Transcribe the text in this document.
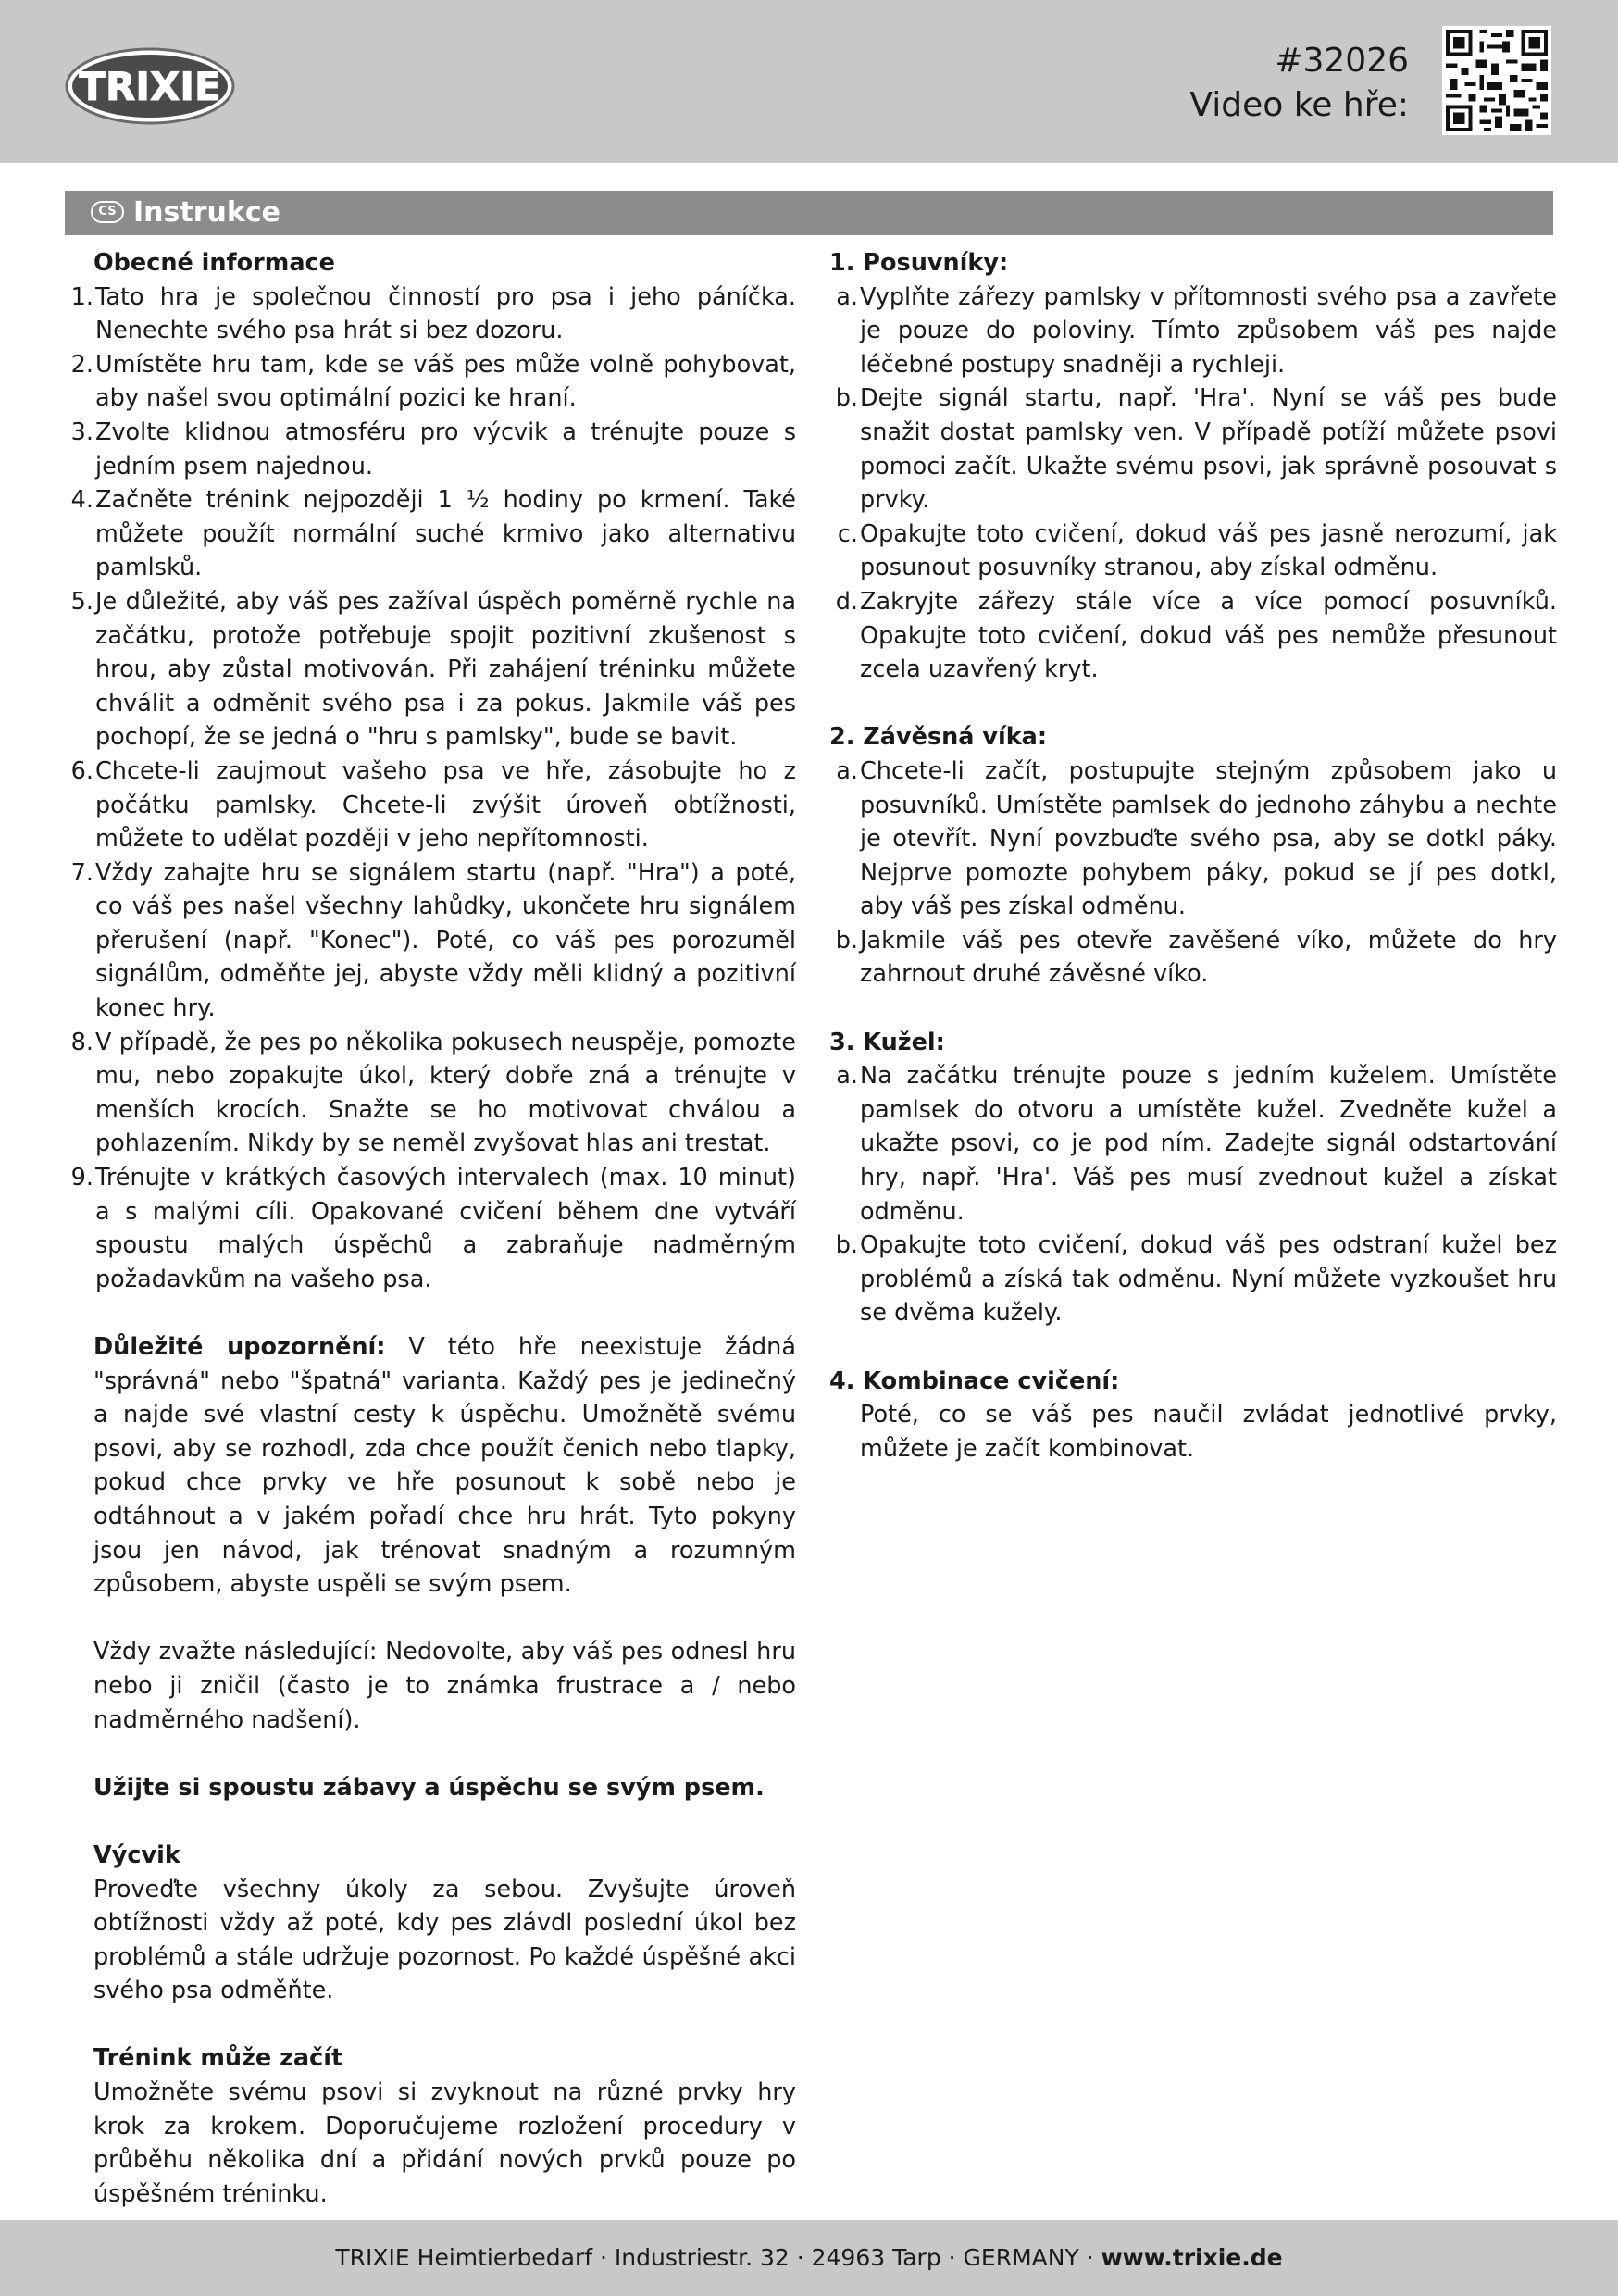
TRIXIE
#32026
Video ke hře:
CS Instrukce
Obecné informace
1. Tato hra je společnou činností pro psa i jeho páníčka. Nenechte svého psa hrát si bez dozoru.
2. Umístěte hru tam, kde se váš pes může volně pohybovat, aby našel svou optimální pozici ke hraní.
3. Zvolte klidnou atmosféru pro výcvik a trénujte pouze s jedním psem najednou.
4. Začněte trénink nejpozději 1 ½ hodiny po krmení. Také můžete použít normální suché krmivo jako alternativu pamlsků.
5. Je důležité, aby váš pes zažíval úspěch poměrně rychle na začátku, protože potřebuje spojit pozitivní zkušenost s hrou, aby zůstal motivován. Při zahájení tréninku můžete chválit a odměnit svého psa i za pokus. Jakmile váš pes pochopí, že se jedná o "hru s pamlsky", bude se bavit.
6. Chcete-li zaujmout vašeho psa ve hře, zásobujte ho z počátku pamlsky. Chcete-li zvýšit úroveň obtížnosti, můžete to udělat později v jeho nepřítomnosti.
7. Vždy zahajte hru se signálem startu (např. "Hra") a poté, co váš pes našel všechny lahůdky, ukončete hru signálem přerušení (např. "Konec"). Poté, co váš pes porozuměl signálům, odměňte jej, abyste vždy měli klidný a pozitivní konec hry.
8. V případě, že pes po několika pokusech neuspěje, pomozte mu, nebo zopakujte úkol, který dobře zná a trénujte v menších krocích. Snažte se ho motivovat chválou a pohlazením. Nikdy by se neměl zvyšovat hlas ani trestat.
9. Trénujte v krátkých časových intervalech (max. 10 minut) a s malými cíli. Opakované cvičení během dne vytváří spoustu malých úspěchů a zabraňuje nadměrným požadavkům na vašeho psa.
Důležité upozornění: V této hře neexistuje žádná "správná" nebo "špatná" varianta. Každý pes je jedinečný a najde své vlastní cesty k úspěchu. Umožnětě svému psovi, aby se rozhodl, zda chce použít čenich nebo tlapky, pokud chce prvky ve hře posunout k sobě nebo je odtáhnout a v jakém pořadí chce hru hrát. Tyto pokyny jsou jen návod, jak trénovat snadným a rozumným způsobem, abyste uspěli se svým psem.
Vždy zvažte následující: Nedovolte, aby váš pes odnesl hru nebo ji zničil (často je to známka frustrace a / nebo nadměrného nadšení).
Užijte si spoustu zábavy a úspěchu se svým psem.
Výcvik
Proveďte všechny úkoly za sebou. Zvyšujte úroveň obtížnosti vždy až poté, kdy pes zlávdl poslední úkol bez problémů a stále udržuje pozornost. Po každé úspěšné akci svého psa odměňte.
Trénink může začít
Umožněte svému psovi si zvyknout na různé prvky hry krok za krokem. Doporučujeme rozložení procedury v průběhu několika dní a přidání nových prvků pouze po úspěšném tréninku.
1. Posuvníky:
a. Vyplňte zářezy pamlsky v přítomnosti svého psa a zavřete je pouze do poloviny. Tímto způsobem váš pes najde léčebné postupy snadněji a rychleji.
b. Dejte signál startu, např. 'Hra'. Nyní se váš pes bude snažit dostat pamlsky ven. V případě potíží můžete psovi pomoci začít. Ukažte svému psovi, jak správně posouvat s prvky.
c. Opakujte toto cvičení, dokud váš pes jasně nerozumí, jak posunout posuvníky stranou, aby získal odměnu.
d. Zakryjte zářezy stále více a více pomocí posuvníků. Opakujte toto cvičení, dokud váš pes nemůže přesunout zcela uzavřený kryt.
2. Závěsná víka:
a. Chcete-li začít, postupujte stejným způsobem jako u posuvníků. Umístěte pamlsek do jednoho záhybu a nechte je otevřít. Nyní povzbuďte svého psa, aby se dotkl páky. Nejprve pomozte pohybem páky, pokud se jí pes dotkl, aby váš pes získal odměnu.
b. Jakmile váš pes otevře zavěšené víko, můžete do hry zahrnout druhé závěsné víko.
3. Kužel:
a. Na začátku trénujte pouze s jedním kuželem. Umístěte pamlsek do otvoru a umístěte kužel. Zvedněte kužel a ukažte psovi, co je pod ním. Zadejte signál odstartování hry, např. 'Hra'. Váš pes musí zvednout kužel a získat odměnu.
b. Opakujte toto cvičení, dokud váš pes odstraní kužel bez problémů a získá tak odměnu. Nyní můžete vyzkoušet hru se dvěma kužely.
4. Kombinace cvičení:
Poté, co se váš pes naučil zvládat jednotlivé prvky, můžete je začít kombinovat.
TRIXIE Heimtierbedarf · Industriestr. 32 · 24963 Tarp · GERMANY · www.trixie.de
